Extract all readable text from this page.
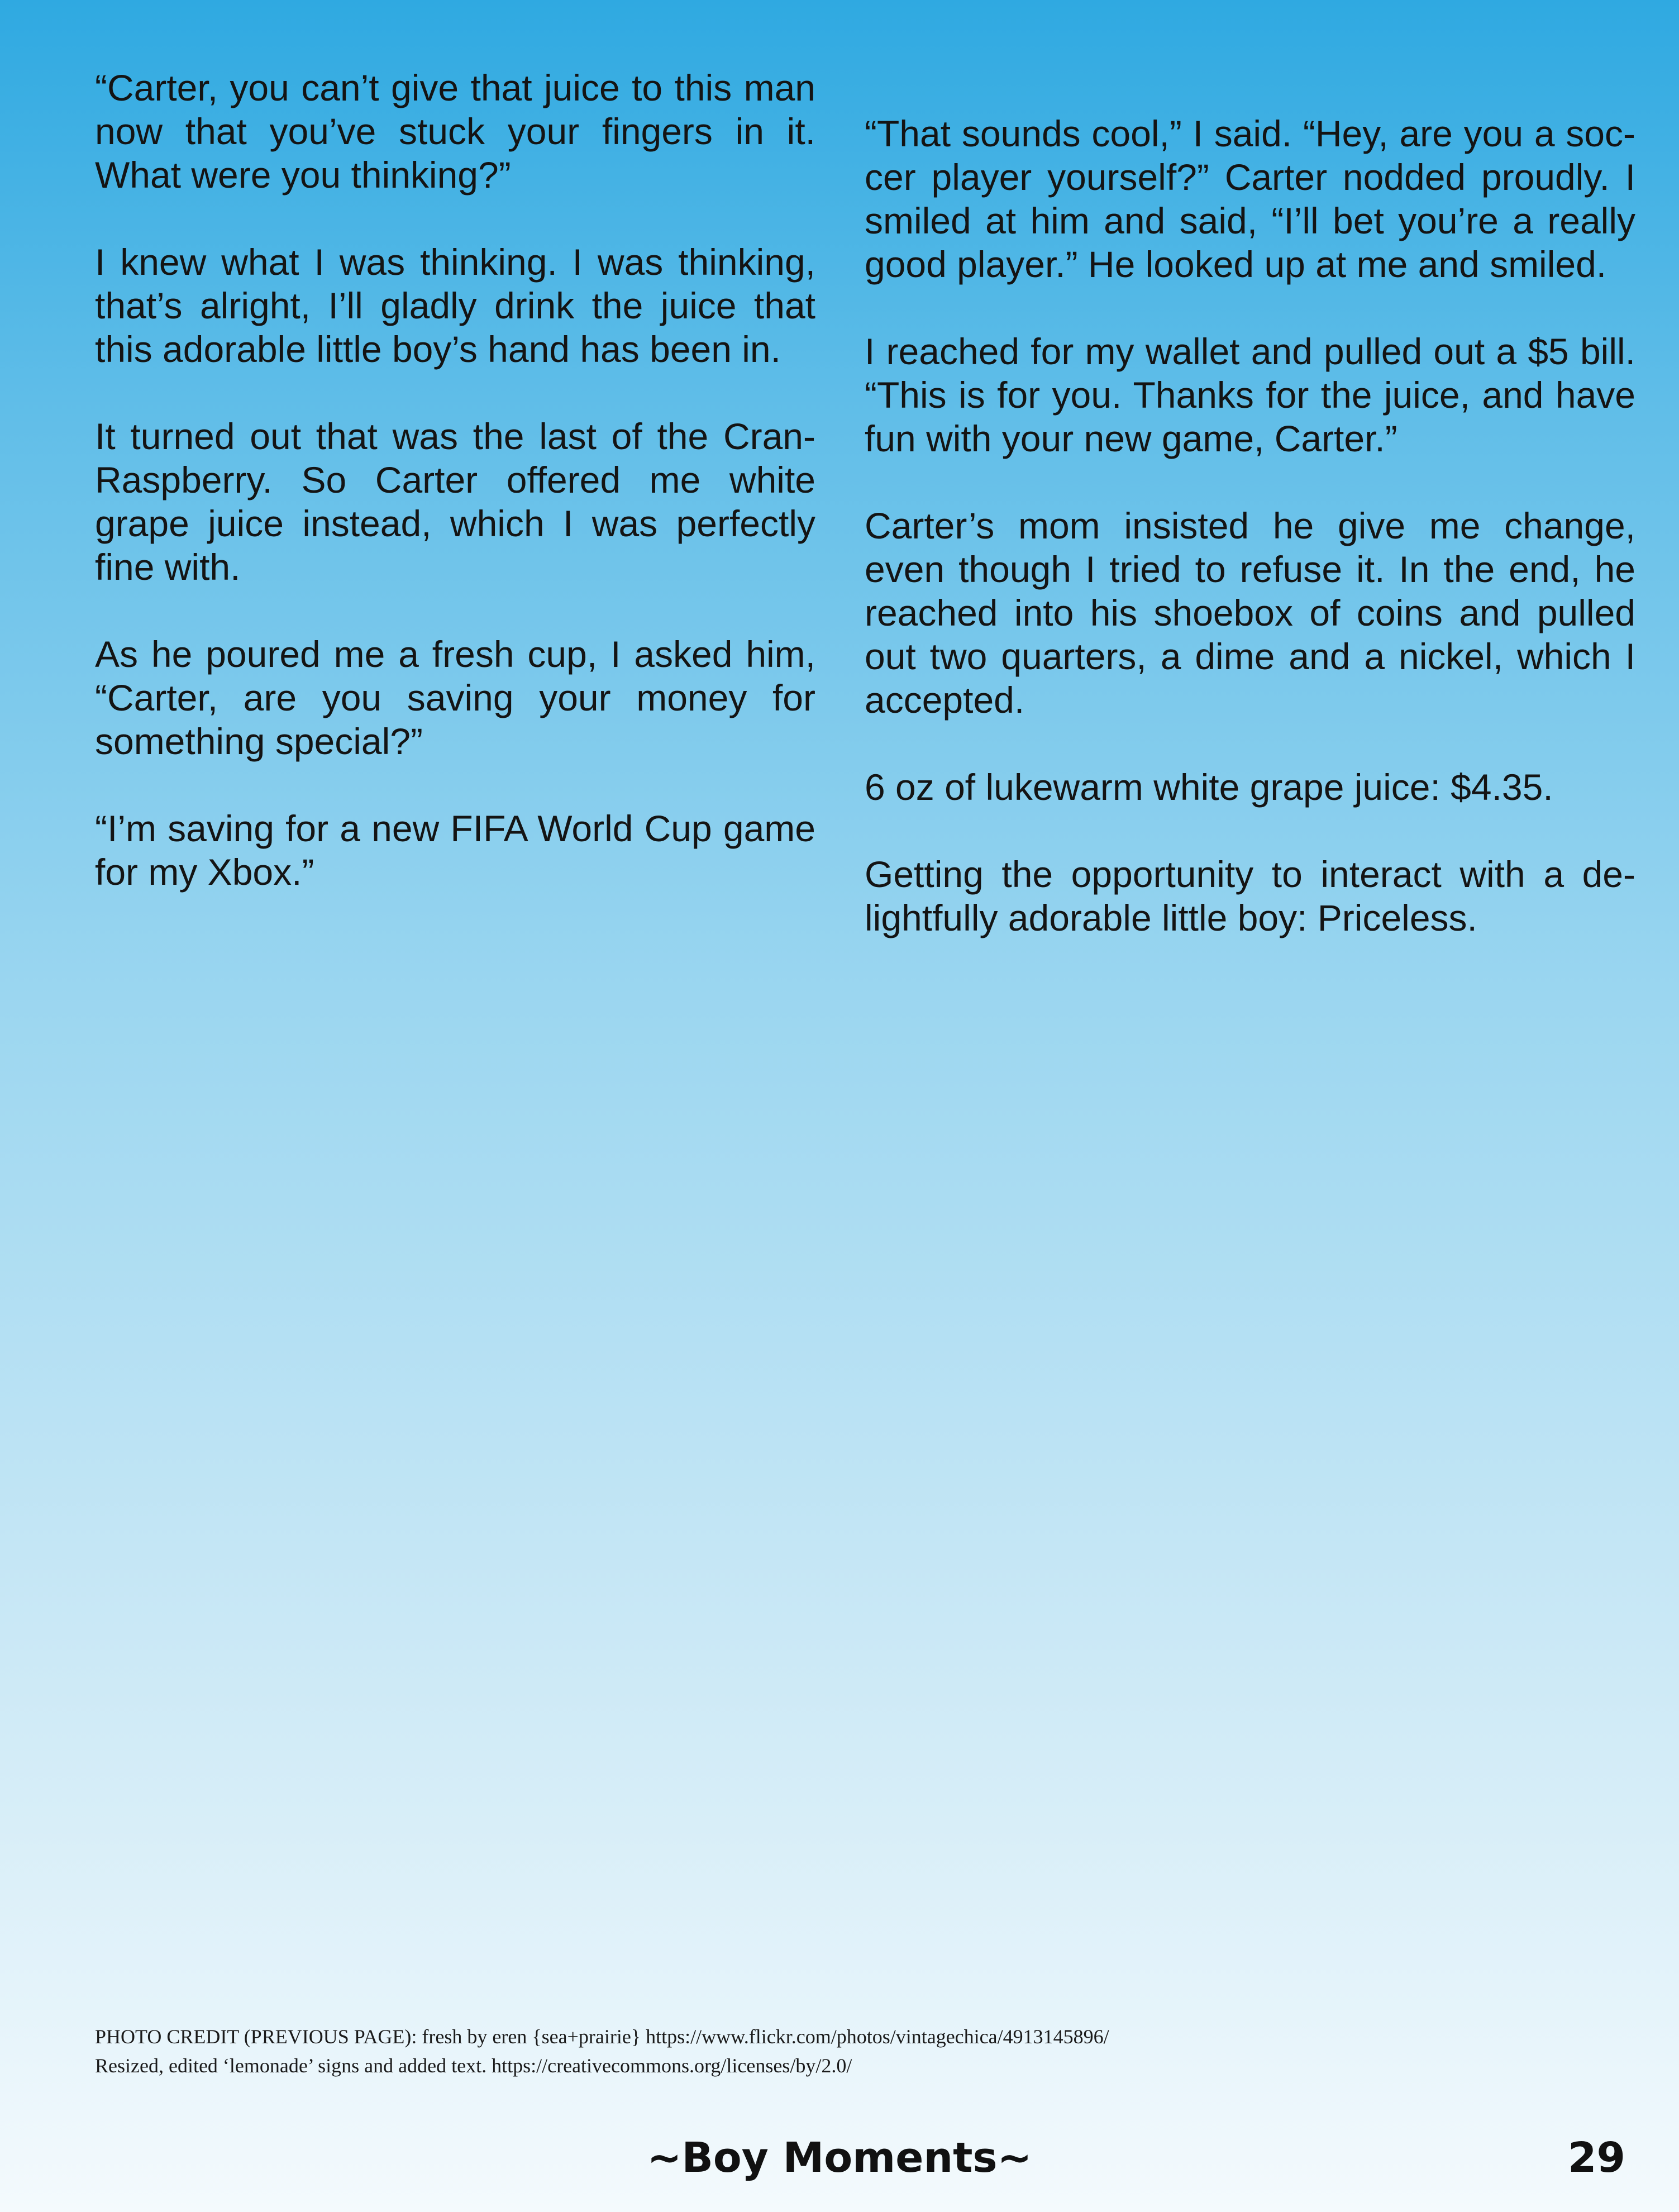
“Carter, you can’t give that juice to this man now that you’ve stuck your fingers in it. What were you thinking?”

I knew what I was thinking. I was thinking, that’s alright, I’ll gladly drink the juice that this adorable little boy’s hand has been in.

It turned out that was the last of the Cran-Raspberry. So Carter offered me white grape juice instead, which I was perfectly fine with.

As he poured me a fresh cup, I asked him, “Carter, are you saving your money for something special?”

“I’m saving for a new FIFA World Cup game for my Xbox.”

“That sounds cool,” I said. “Hey, are you a soc-cer player yourself?” Carter nodded proudly. I smiled at him and said, “I’ll bet you’re a really good player.” He looked up at me and smiled.

I reached for my wallet and pulled out a $5 bill. “This is for you. Thanks for the juice, and have fun with your new game, Carter.”

Carter’s mom insisted he give me change, even though I tried to refuse it. In the end, he reached into his shoebox of coins and pulled out two quarters, a dime and a nickel, which I accepted.

6 oz of lukewarm white grape juice: $4.35.

Getting the opportunity to interact with a de-lightfully adorable little boy: Priceless.

PHOTO CREDIT (PREVIOUS PAGE): fresh by eren {sea+prairie} https://www.flickr.com/photos/vintagechica/4913145896/
Resized, edited ‘lemonade’ signs and added text. https://creativecommons.org/licenses/by/2.0/
~Boy Moments~	29
